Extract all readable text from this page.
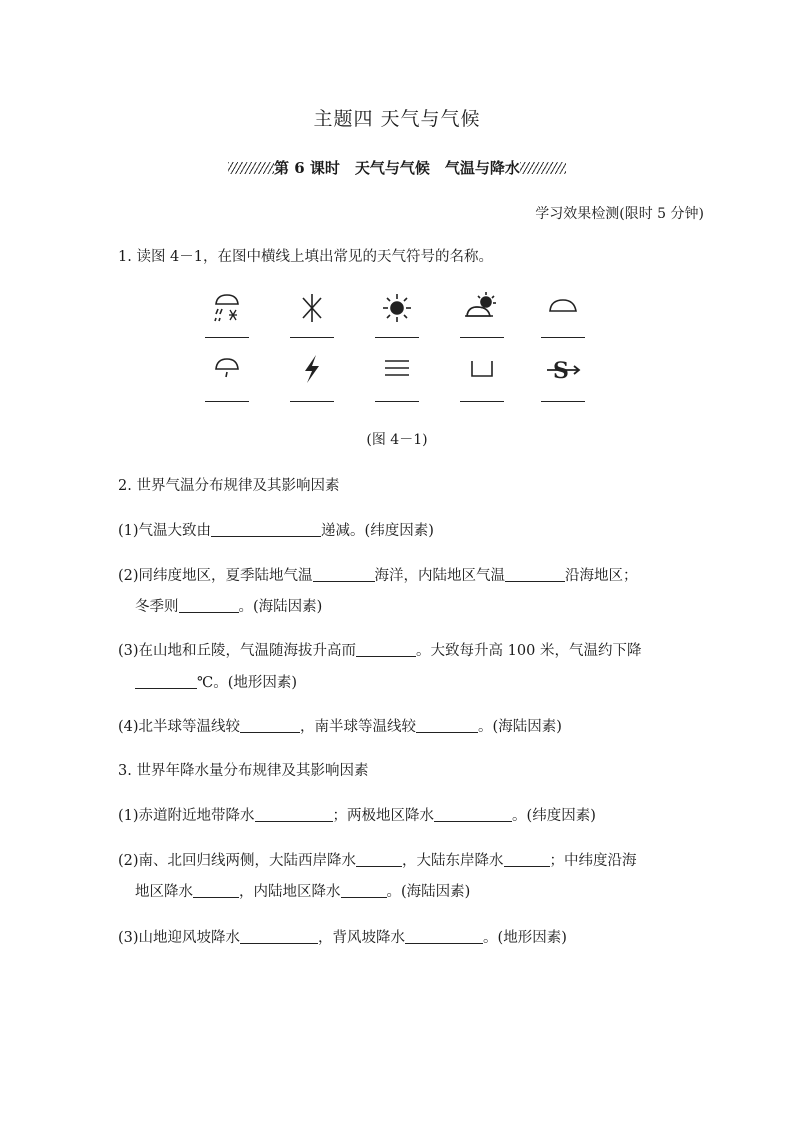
主题四 天气与气候
第 6 课时　天气与气候　气温与降水
学习效果检测(限时 5 分钟)
1. 读图 4－1，在图中横线上填出常见的天气符号的名称。
S
(图 4－1)
2. 世界气温分布规律及其影响因素
(1)气温大致由	递减。(纬度因素)
(2)同纬度地区，夏季陆地气温	海洋，内陆地区气温	沿海地区；
冬季则	。(海陆因素)
(3)在山地和丘陵，气温随海拔升高而	。大致每升高 100 米，气温约下降
℃。(地形因素)
(4)北半球等温线较	，南半球等温线较	。(海陆因素)
3. 世界年降水量分布规律及其影响因素
(1)赤道附近地带降水	；两极地区降水	。(纬度因素)
(2)南、北回归线两侧，大陆西岸降水	，大陆东岸降水	；中纬度沿海
地区降水	，内陆地区降水	。(海陆因素)
(3)山地迎风坡降水	，背风坡降水	。(地形因素)
